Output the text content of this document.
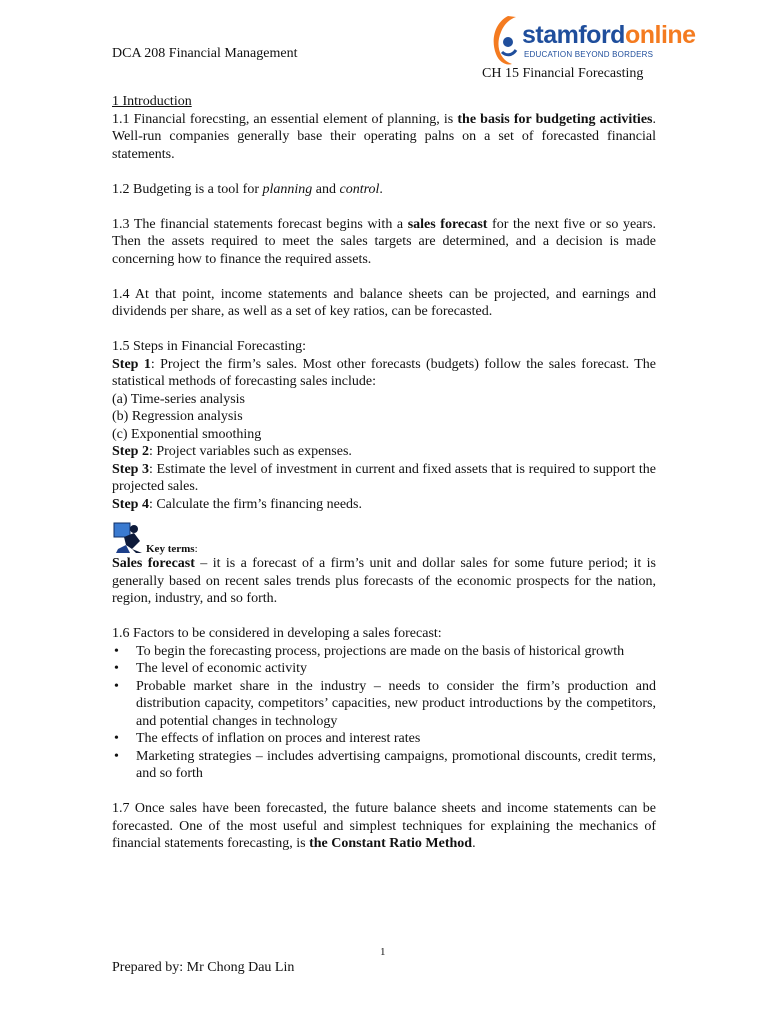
DCA 208 Financial Management
stamfordonline
EDUCATION BEYOND BORDERS
CH 15 Financial Forecasting

1 Introduction

1.1 Financial forecsting, an essential element of planning, is the basis for budgeting activities. Well-run companies generally base their operating palns on a set of forecasted financial statements.

1.2 Budgeting is a tool for planning and control.

1.3 The financial statements forecast begins with a sales forecast for the next five or so years. Then the assets required to meet the sales targets are determined, and a decision is made concerning how to finance the required assets.

1.4 At that point, income statements and balance sheets can be projected, and earnings and dividends per share, as well as a set of key ratios, can be forecasted.

1.5 Steps in Financial Forecasting:

Step 1: Project the firm’s sales. Most other forecasts (budgets) follow the sales forecast. The statistical methods of forecasting sales include:

(a) Time-series analysis

(b) Regression analysis

(c) Exponential smoothing

Step 2: Project variables such as expenses.

Step 3: Estimate the level of investment in current and fixed assets that is required to support the projected sales.

Step 4: Calculate the firm’s financing needs.

Key terms:

Sales forecast – it is a forecast of a firm’s unit and dollar sales for some future period; it is generally based on recent sales trends plus forecasts of the economic prospects for the nation, region, industry, and so forth.

1.6 Factors to be considered in developing a sales forecast:

• To begin the forecasting process, projections are made on the basis of historical growth
• The level of economic activity
• Probable market share in the industry – needs to consider the firm’s production and distribution capacity, competitors’ capacities, new product introductions by the competitors, and potential changes in technology
• The effects of inflation on proces and interest rates
• Marketing strategies – includes advertising campaigns, promotional discounts, credit terms, and so forth

1.7 Once sales have been forecasted, the future balance sheets and income statements can be forecasted. One of the most useful and simplest techniques for explaining the mechanics of financial statements forecasting, is the Constant Ratio Method.

1
Prepared by: Mr Chong Dau Lin
